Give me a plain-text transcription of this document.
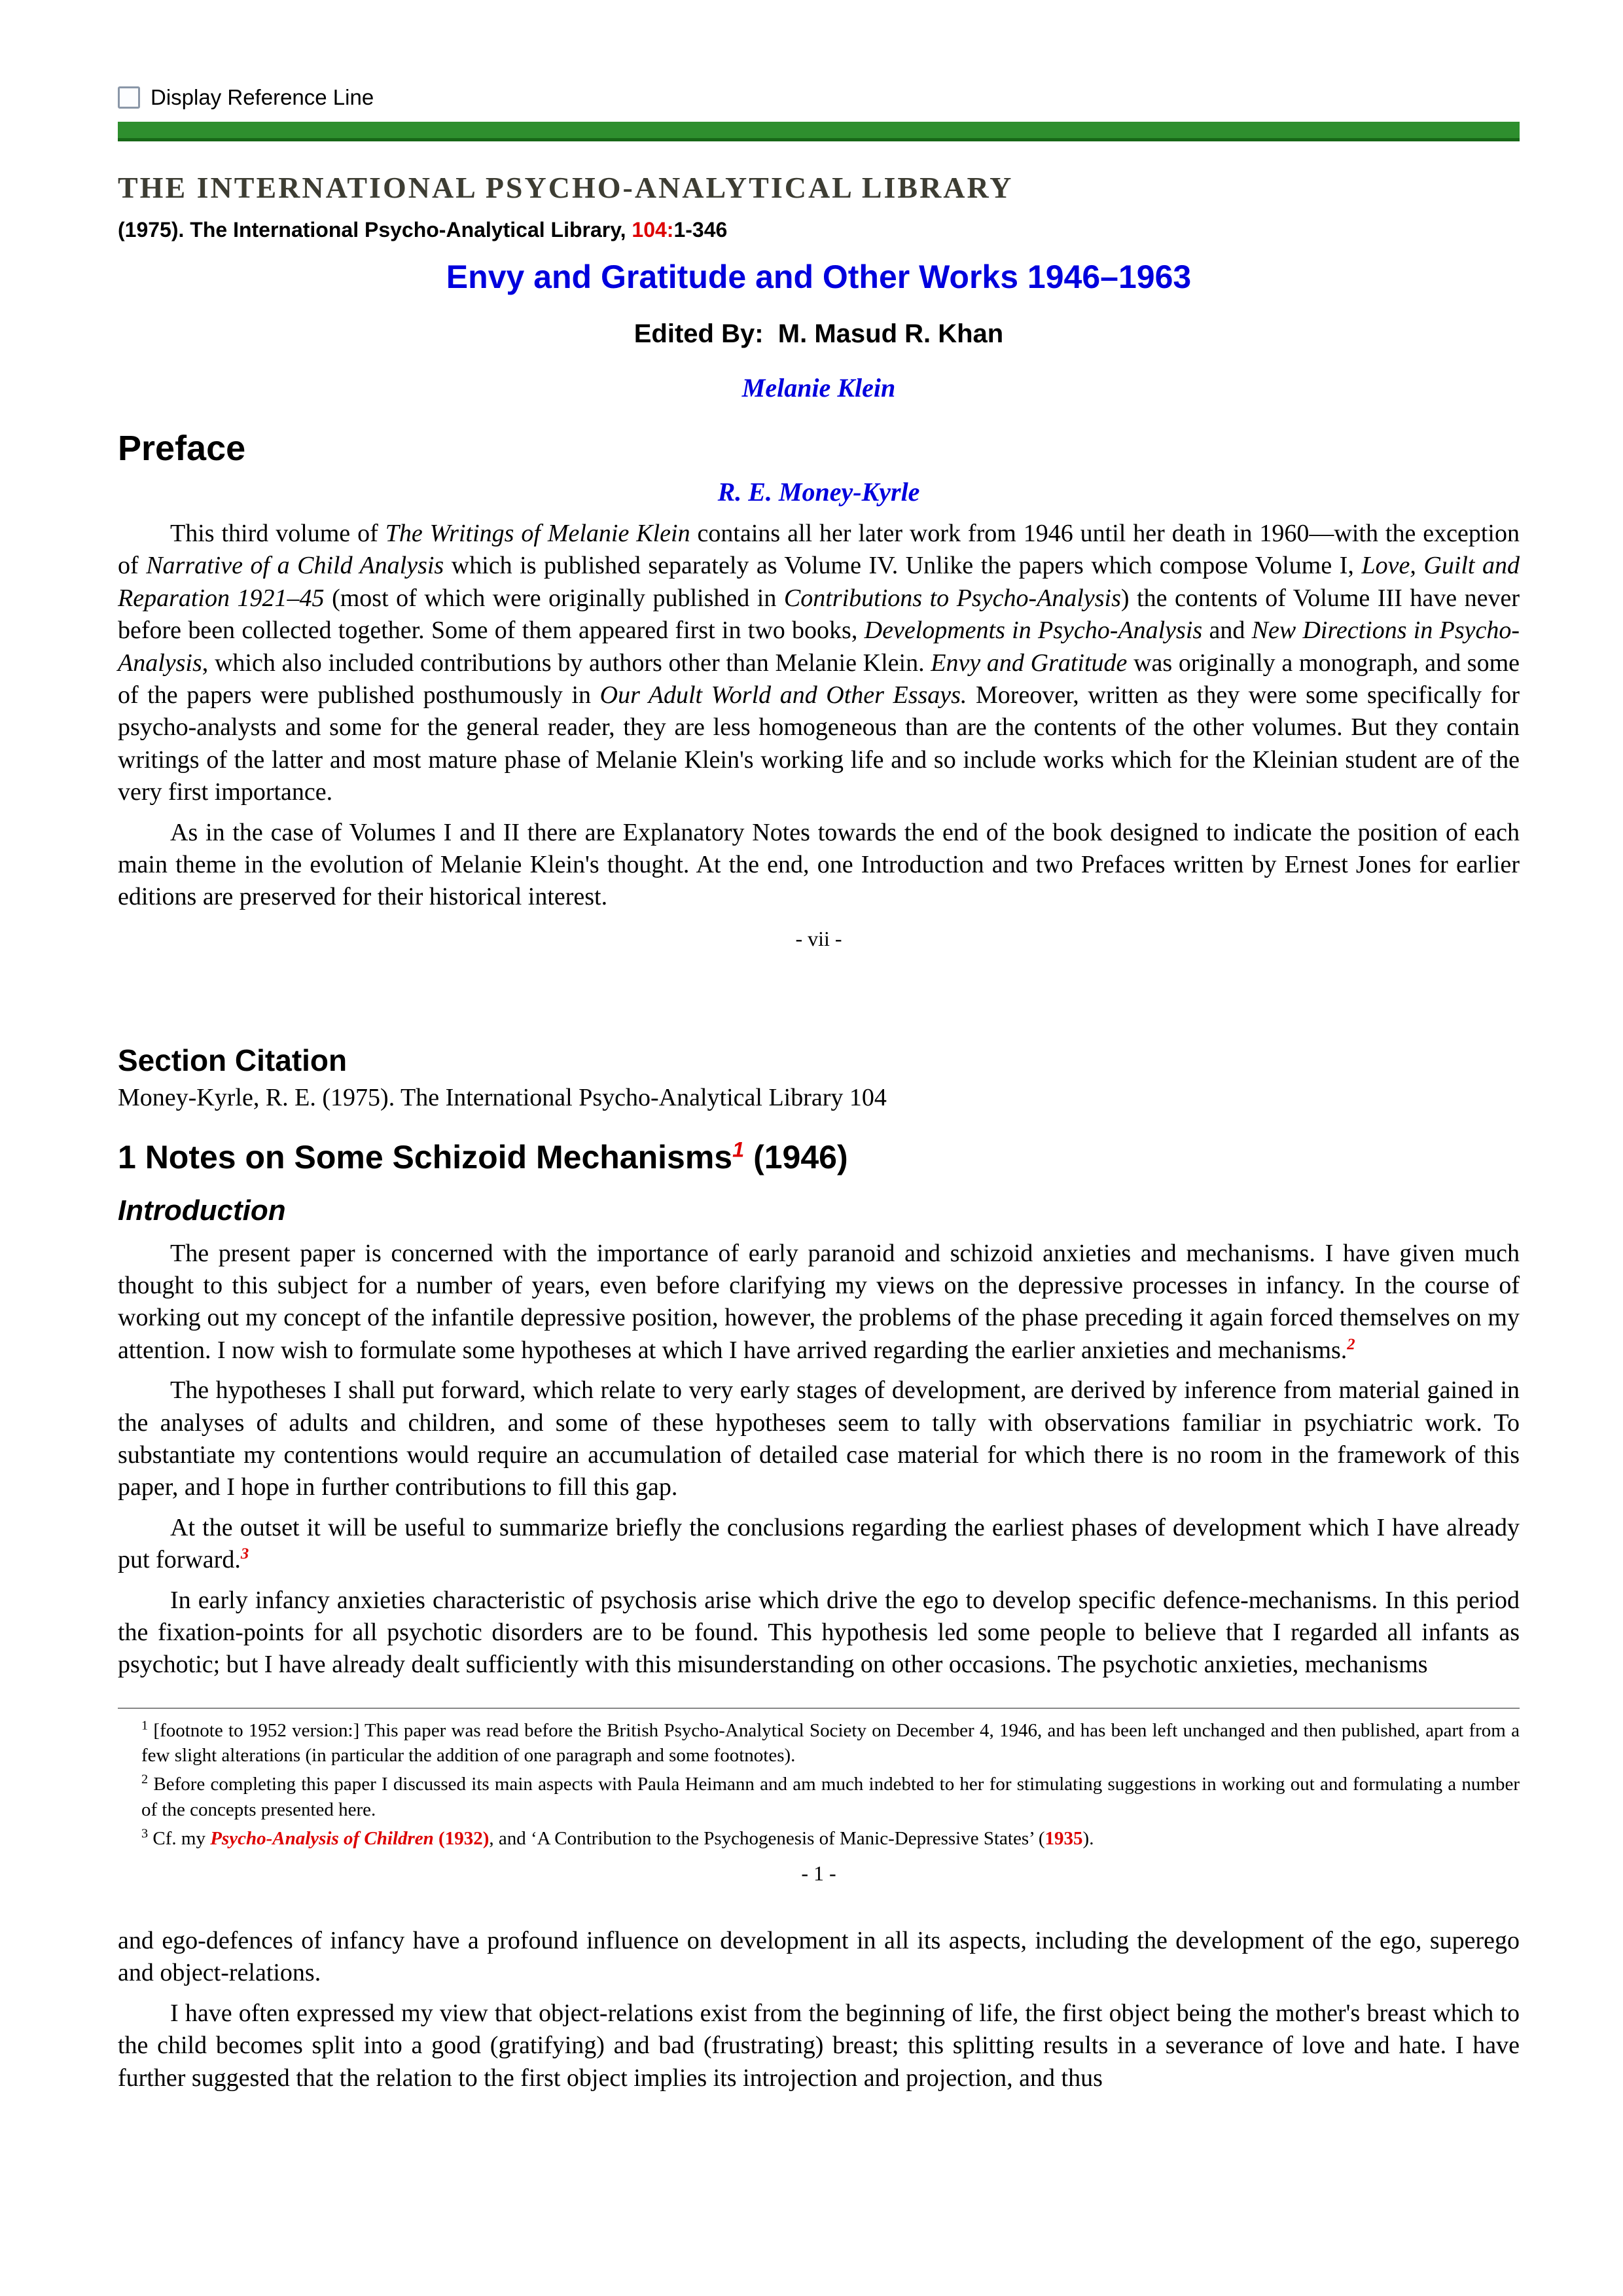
Display Reference Line
THE INTERNATIONAL PSYCHO-ANALYTICAL LIBRARY
(1975). The International Psycho-Analytical Library, 104:1-346
Envy and Gratitude and Other Works 1946–1963
Edited By:  M. Masud R. Khan
Melanie Klein
Preface
R. E. Money-Kyrle

This third volume of The Writings of Melanie Klein contains all her later work from 1946 until her death in 1960—with the exception of Narrative of a Child Analysis which is published separately as Volume IV. Unlike the papers which compose Volume I, Love, Guilt and Reparation 1921–45 (most of which were originally published in Contributions to Psycho-Analysis) the contents of Volume III have never before been collected together. Some of them appeared first in two books, Developments in Psycho-Analysis and New Directions in Psycho-Analysis, which also included contributions by authors other than Melanie Klein. Envy and Gratitude was originally a monograph, and some of the papers were published posthumously in Our Adult World and Other Essays. Moreover, written as they were some specifically for psycho-analysts and some for the general reader, they are less homogeneous than are the contents of the other volumes. But they contain writings of the latter and most mature phase of Melanie Klein's working life and so include works which for the Kleinian student are of the very first importance.

As in the case of Volumes I and II there are Explanatory Notes towards the end of the book designed to indicate the position of each main theme in the evolution of Melanie Klein's thought. At the end, one Introduction and two Prefaces written by Ernest Jones for earlier editions are preserved for their historical interest.

- vii -
Section Citation
Money-Kyrle, R. E. (1975). The International Psycho-Analytical Library 104
1 Notes on Some Schizoid Mechanisms$^1$ (1946)
Introduction

The present paper is concerned with the importance of early paranoid and schizoid anxieties and mechanisms. I have given much thought to this subject for a number of years, even before clarifying my views on the depressive processes in infancy. In the course of working out my concept of the infantile depressive position, however, the problems of the phase preceding it again forced themselves on my attention. I now wish to formulate some hypotheses at which I have arrived regarding the earlier anxieties and mechanisms.$^2$

The hypotheses I shall put forward, which relate to very early stages of development, are derived by inference from material gained in the analyses of adults and children, and some of these hypotheses seem to tally with observations familiar in psychiatric work. To substantiate my contentions would require an accumulation of detailed case material for which there is no room in the framework of this paper, and I hope in further contributions to fill this gap.

At the outset it will be useful to summarize briefly the conclusions regarding the earliest phases of development which I have already put forward.$^3$

In early infancy anxieties characteristic of psychosis arise which drive the ego to develop specific defence-mechanisms. In this period the fixation-points for all psychotic disorders are to be found. This hypothesis led some people to believe that I regarded all infants as psychotic; but I have already dealt sufficiently with this misunderstanding on other occasions. The psychotic anxieties, mechanisms

$^1$ [footnote to 1952 version:] This paper was read before the British Psycho-Analytical Society on December 4, 1946, and has been left unchanged and then published, apart from a few slight alterations (in particular the addition of one paragraph and some footnotes).

$^2$ Before completing this paper I discussed its main aspects with Paula Heimann and am much indebted to her for stimulating suggestions in working out and formulating a number of the concepts presented here.

$^3$ Cf. my Psycho-Analysis of Children (1932), and ‘A Contribution to the Psychogenesis of Manic-Depressive States’ (1935).

- 1 -

and ego-defences of infancy have a profound influence on development in all its aspects, including the development of the ego, superego and object-relations.

I have often expressed my view that object-relations exist from the beginning of life, the first object being the mother's breast which to the child becomes split into a good (gratifying) and bad (frustrating) breast; this splitting results in a severance of love and hate. I have further suggested that the relation to the first object implies its introjection and projection, and thus
